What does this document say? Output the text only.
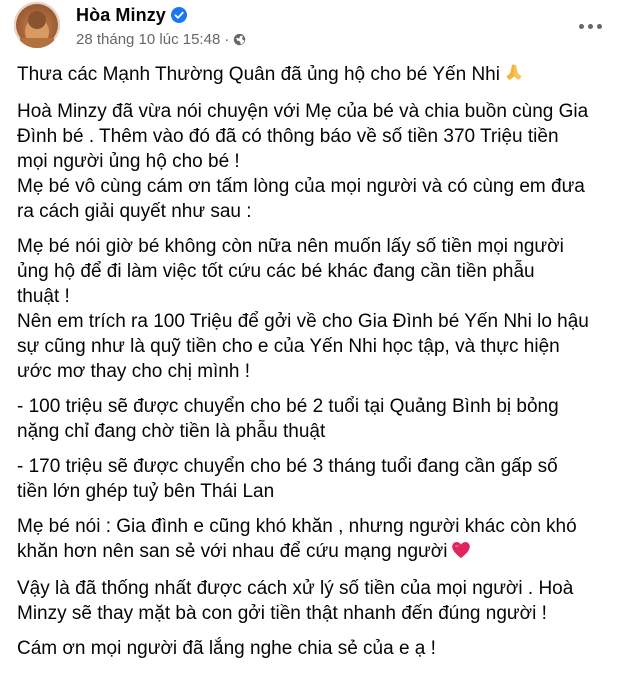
Hòa Minzy
28 tháng 10 lúc 15:48 ·

Thưa các Mạnh Thường Quân đã ủng hộ cho bé Yến Nhi

Hoà Minzy đã vừa nói chuyện với Mẹ của bé và chia buồn cùng Gia
Đình bé . Thêm vào đó đã có thông báo về số tiền 370 Triệu tiền
mọi người ủng hộ cho bé !
Mẹ bé vô cùng cám ơn tấm lòng của mọi người và có cùng em đưa
ra cách giải quyết như sau :

Mẹ bé nói giờ bé không còn nữa nên muốn lấy số tiền mọi người
ủng hộ để đi làm việc tốt cứu các bé khác đang cần tiền phẫu
thuật !
Nên em trích ra 100 Triệu để gởi về cho Gia Đình bé Yến Nhi lo hậu
sự cũng như là quỹ tiền cho e của Yến Nhi học tập, và thực hiện
ước mơ thay cho chị mình !

- 100 triệu sẽ được chuyển cho bé 2 tuổi tại Quảng Bình bị bỏng
nặng chỉ đang chờ tiền là phẫu thuật

- 170 triệu sẽ được chuyển cho bé 3 tháng tuổi đang cần gấp số
tiền lớn ghép tuỷ bên Thái Lan

Mẹ bé nói : Gia đình e cũng khó khăn , nhưng người khác còn khó
khăn hơn nên san sẻ với nhau để cứu mạng người

Vậy là đã thống nhất được cách xử lý số tiền của mọi người . Hoà
Minzy sẽ thay mặt bà con gởi tiền thật nhanh đến đúng người !

Cám ơn mọi người đã lắng nghe chia sẻ của e ạ !
